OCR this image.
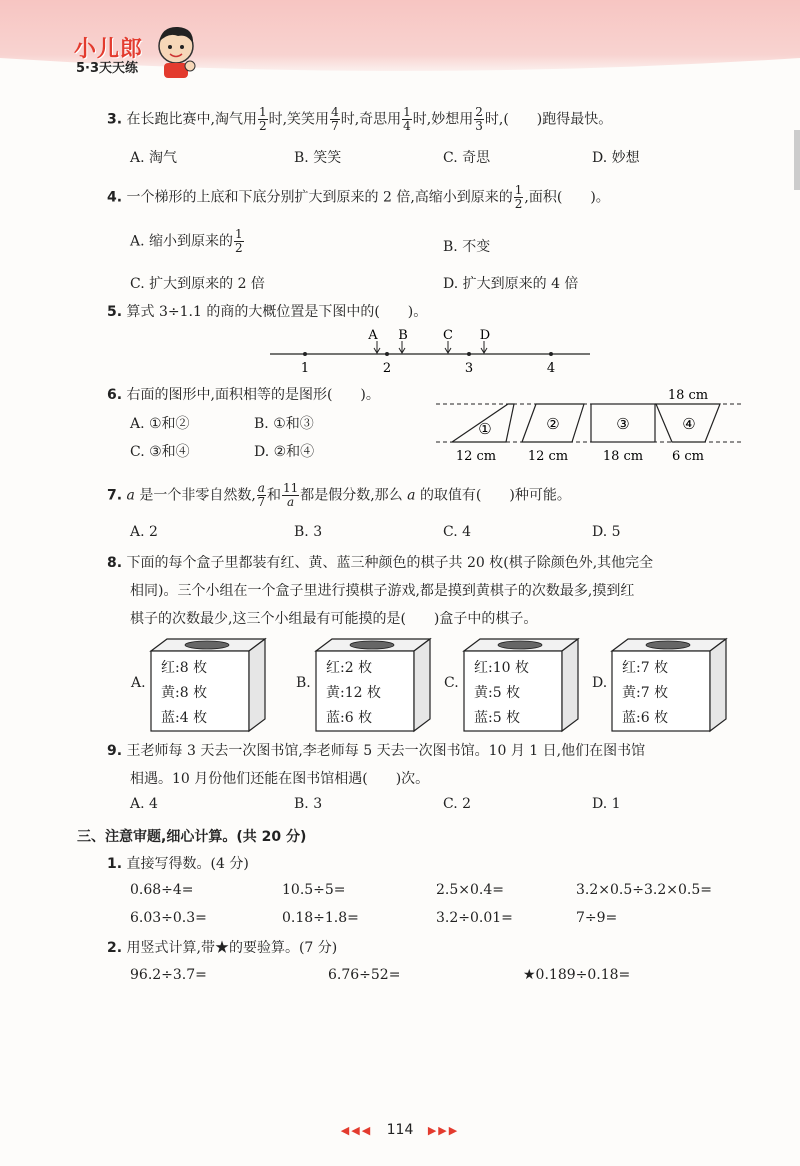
小儿郎
5·3天天练
3. 在长跑比赛中,淘气用 $\frac{1}{2}$ 时,笑笑用 $\frac{4}{7}$ 时,奇思用 $\frac{1}{4}$ 时,妙想用 $\frac{2}{3}$ 时,(　　)跑得最快。
A. 淘气	B. 笑笑	C. 奇思	D. 妙想
4. 一个梯形的上底和下底分别扩大到原来的 2 倍,高缩小到原来的 $\frac{1}{2}$ ,面积(　　)。
A. 缩小到原来的 $\frac{1}{2}$	B. 不变
C. 扩大到原来的 2 倍	D. 扩大到原来的 4 倍
5. 算式 3÷1.1 的商的大概位置是下图中的(　　)。
1	2	3	4
A B	C D
6. 右面的图形中,面积相等的是图形(　　)。
A. ①和②	B. ①和③
C. ③和④	D. ②和④
①	②	③	④
18 cm
12 cm 12 cm	18 cm 6 cm
7. a 是一个非零自然数, $\frac{a}{7}$ 和 $\frac{11}{a}$ 都是假分数,那么 a 的取值有(　　)种可能。
A. 2	B. 3	C. 4	D. 5
8. 下面的每个盒子里都装有红、黄、蓝三种颜色的棋子共 20 枚(棋子除颜色外,其他完全
相同)。三个小组在一个盒子里进行摸棋子游戏,都是摸到黄棋子的次数最多,摸到红
棋子的次数最少,这三个小组最有可能摸的是(　　)盒子中的棋子。
A.
红:8 枚
黄:8 枚
蓝:4 枚
B.
红:2 枚
黄:12 枚
蓝:6 枚
C.
红:10 枚
黄:5 枚
蓝:5 枚
D.
红:7 枚
黄:7 枚
蓝:6 枚
9. 王老师每 3 天去一次图书馆,李老师每 5 天去一次图书馆。10 月 1 日,他们在图书馆
相遇。10 月份他们还能在图书馆相遇(　　)次。
A. 4	B. 3	C. 2	D. 1
三、注意审题,细心计算。(共 20 分)
1. 直接写得数。(4 分)
0.68÷4=	10.5÷5=	2.5×0.4=	3.2×0.5÷3.2×0.5=
6.03÷0.3=	0.18÷1.8=	3.2÷0.01=	7÷9=
2. 用竖式计算,带★的要验算。(7 分)
96.2÷3.7=	6.76÷52=	★0.189÷0.18=
◀◀◀ 114 ▶▶▶
